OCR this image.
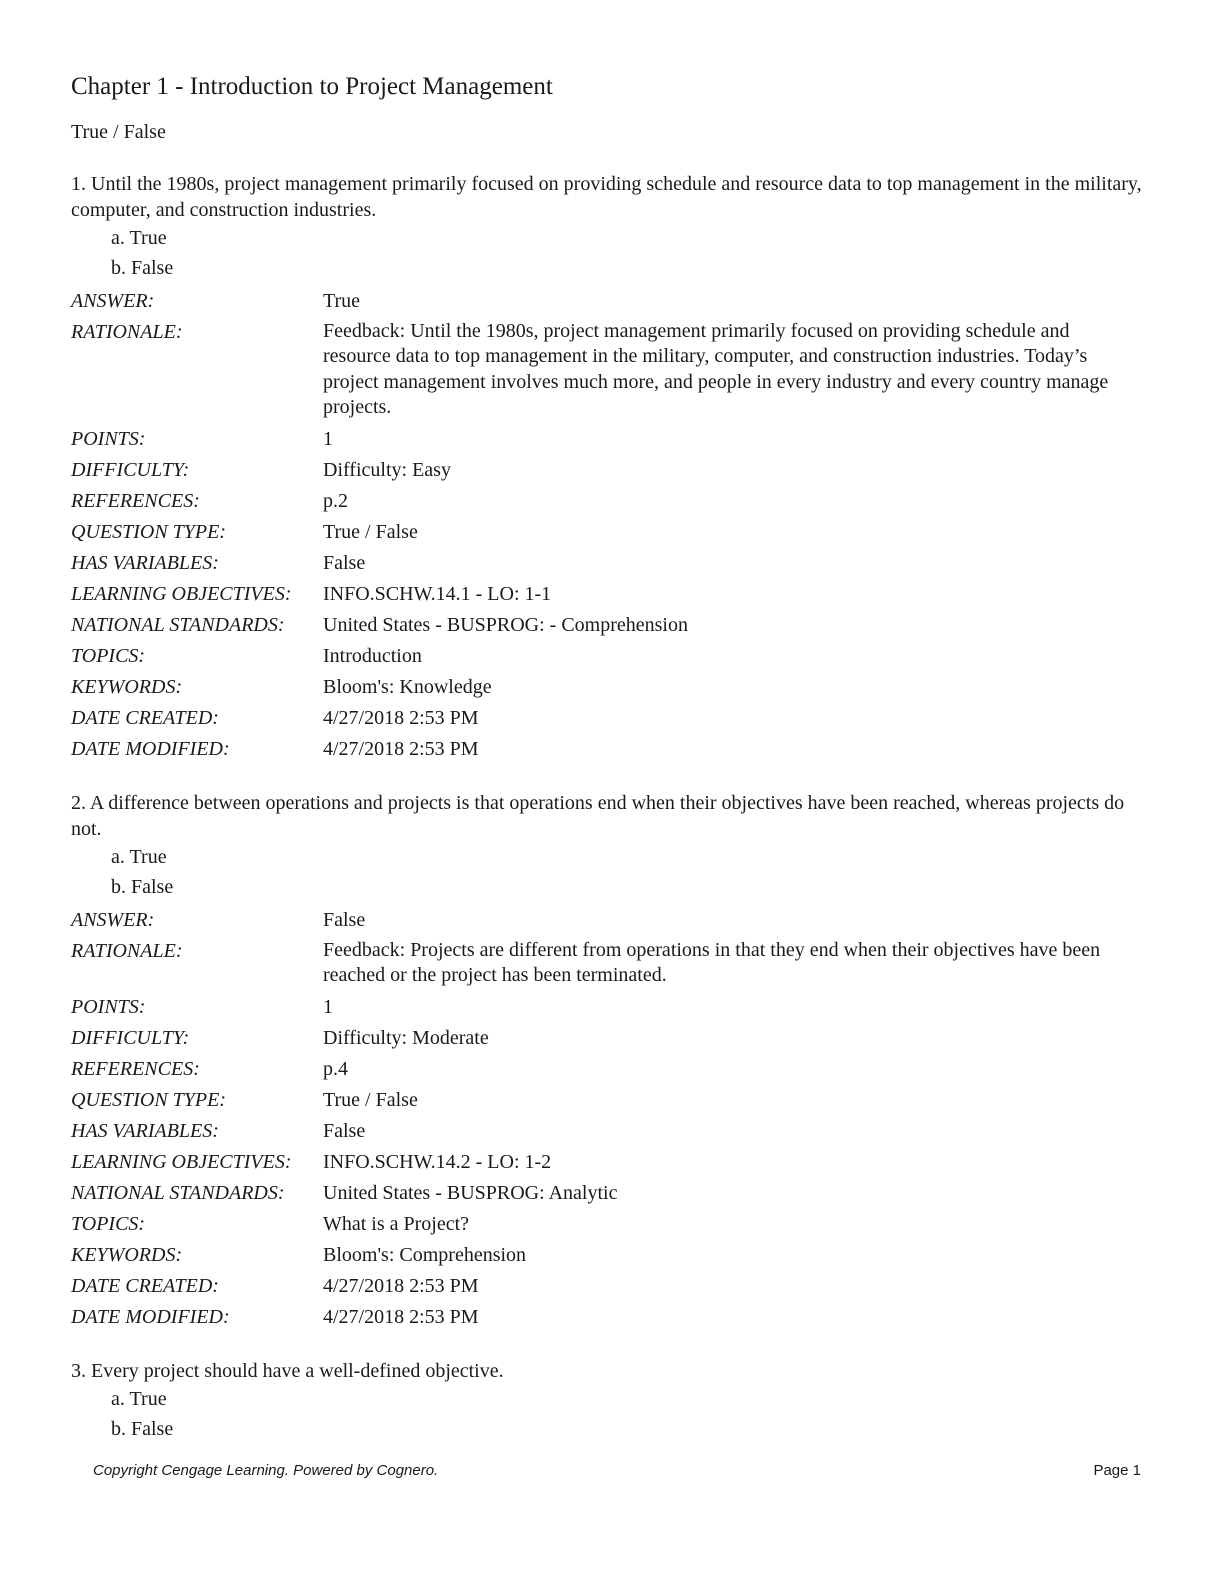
Chapter 1 - Introduction to Project Management
True / False

1. Until the 1980s, project management primarily focused on providing schedule and resource data to top management in the military, computer, and construction industries.

a. True
b. False
ANSWER:	True
RATIONALE:	Feedback: Until the 1980s, project management primarily focused on providing schedule and resource data to top management in the military, computer, and construction industries. Today’s project management involves much more, and people in every industry and every country manage projects.
POINTS:	1
DIFFICULTY:	Difficulty: Easy
REFERENCES:	p.2
QUESTION TYPE:	True / False
HAS VARIABLES:	False
LEARNING OBJECTIVES:	INFO.SCHW.14.1 - LO: 1-1
NATIONAL STANDARDS:	United States - BUSPROG: - Comprehension
TOPICS:	Introduction
KEYWORDS:	Bloom's: Knowledge
DATE CREATED:	4/27/2018 2:53 PM
DATE MODIFIED:	4/27/2018 2:53 PM

2. A difference between operations and projects is that operations end when their objectives have been reached, whereas projects do not.

a. True
b. False
ANSWER:	False
RATIONALE:	Feedback: Projects are different from operations in that they end when their objectives have been reached or the project has been terminated.
POINTS:	1
DIFFICULTY:	Difficulty: Moderate
REFERENCES:	p.4
QUESTION TYPE:	True / False
HAS VARIABLES:	False
LEARNING OBJECTIVES:	INFO.SCHW.14.2 - LO: 1-2
NATIONAL STANDARDS:	United States - BUSPROG: Analytic
TOPICS:	What is a Project?
KEYWORDS:	Bloom's: Comprehension
DATE CREATED:	4/27/2018 2:53 PM
DATE MODIFIED:	4/27/2018 2:53 PM

3. Every project should have a well-defined objective.

a. True
b. False
Copyright Cengage Learning. Powered by Cognero.	Page 1
